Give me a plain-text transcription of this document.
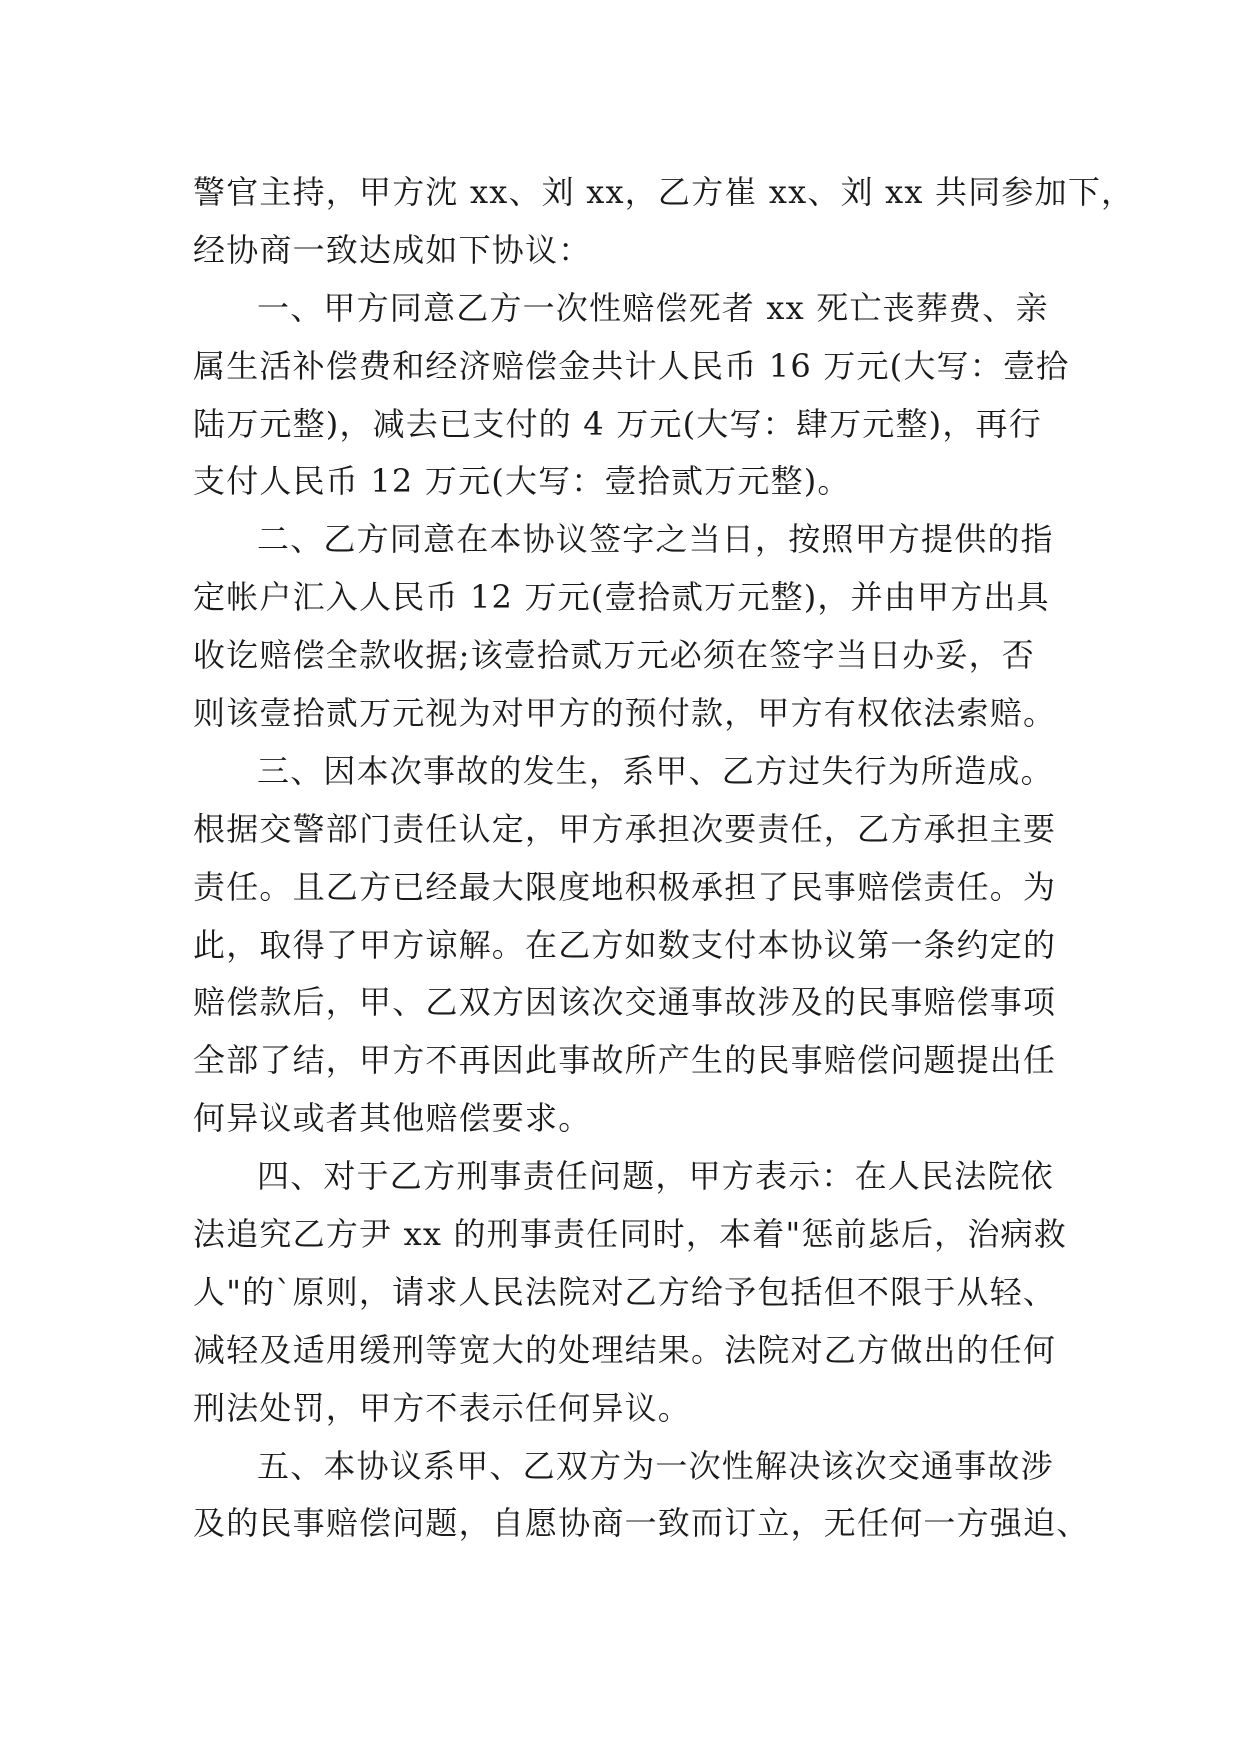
警官主持，甲方沈 xx、刘 xx，乙方崔 xx、刘 xx 共同参加下，
经协商一致达成如下协议：
一、甲方同意乙方一次性赔偿死者 xx 死亡丧葬费、亲
属生活补偿费和经济赔偿金共计人民币 16 万元(大写：壹拾
陆万元整)，减去已支付的 4 万元(大写：肆万元整)，再行
支付人民币 12 万元(大写：壹拾贰万元整)。
二、乙方同意在本协议签字之当日，按照甲方提供的指
定帐户汇入人民币 12 万元(壹拾贰万元整)，并由甲方出具
收讫赔偿全款收据;该壹拾贰万元必须在签字当日办妥，否
则该壹拾贰万元视为对甲方的预付款，甲方有权依法索赔。
三、因本次事故的发生，系甲、乙方过失行为所造成。
根据交警部门责任认定，甲方承担次要责任，乙方承担主要
责任。且乙方已经最大限度地积极承担了民事赔偿责任。为
此，取得了甲方谅解。在乙方如数支付本协议第一条约定的
赔偿款后，甲、乙双方因该次交通事故涉及的民事赔偿事项
全部了结，甲方不再因此事故所产生的民事赔偿问题提出任
何异议或者其他赔偿要求。
四、对于乙方刑事责任问题，甲方表示：在人民法院依
法追究乙方尹 xx 的刑事责任同时，本着"惩前毖后，治病救
人"的`原则，请求人民法院对乙方给予包括但不限于从轻、
减轻及适用缓刑等宽大的处理结果。法院对乙方做出的任何
刑法处罚，甲方不表示任何异议。
五、本协议系甲、乙双方为一次性解决该次交通事故涉
及的民事赔偿问题，自愿协商一致而订立，无任何一方强迫、
